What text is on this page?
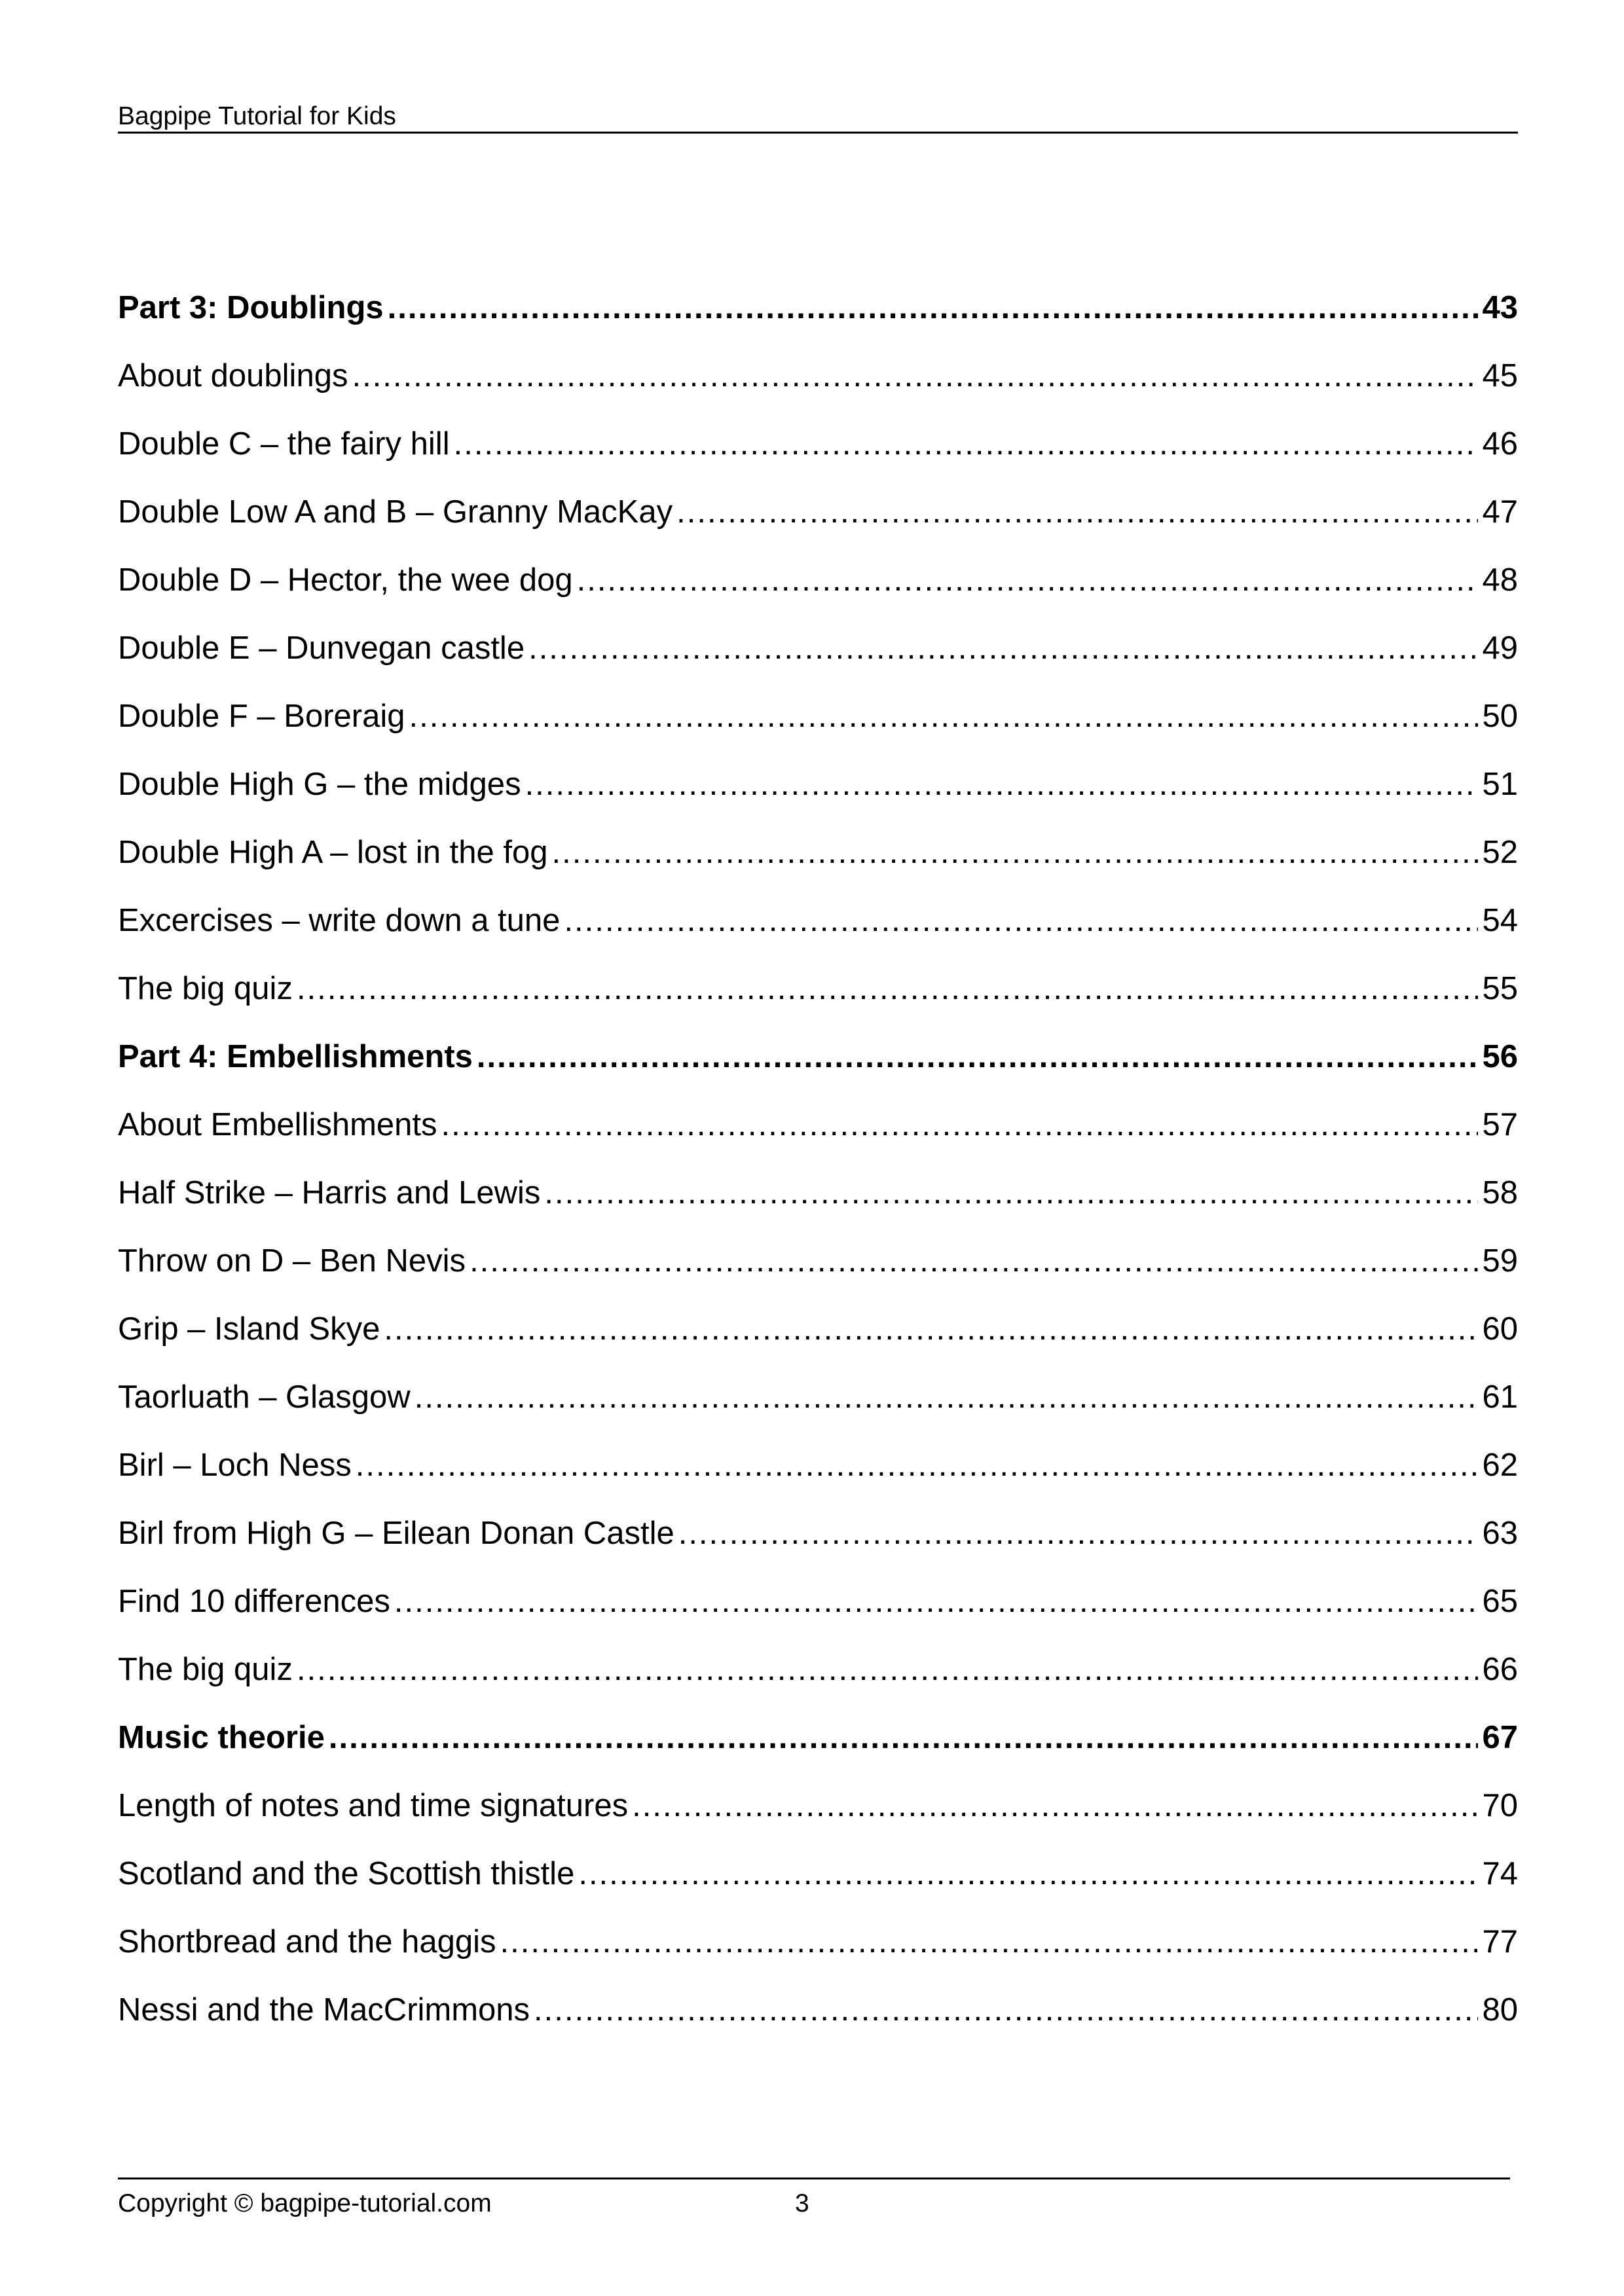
Bagpipe Tutorial for Kids
Part 3: Doublings .....	43
About doublings .....	45
Double C – the fairy hill .....	46
Double Low A and B – Granny MacKay .....	47
Double D – Hector, the wee dog .....	48
Double E – Dunvegan castle .....	49
Double F – Boreraig .....	50
Double High G – the midges .....	51
Double High A – lost in the fog .....	52
Excercises – write down a tune .....	54
The big quiz .....	55
Part 4: Embellishments .....	56
About Embellishments .....	57
Half Strike – Harris and Lewis .....	58
Throw on D – Ben Nevis .....	59
Grip – Island Skye .....	60
Taorluath – Glasgow .....	61
Birl – Loch Ness .....	62
Birl from High G – Eilean Donan Castle .....	63
Find 10 differences .....	65
The big quiz .....	66
Music theorie .....	67
Length of notes and time signatures .....	70
Scotland and the Scottish thistle .....	74
Shortbread and the haggis .....	77
Nessi and the MacCrimmons .....	80
Copyright © bagpipe-tutorial.com	3
